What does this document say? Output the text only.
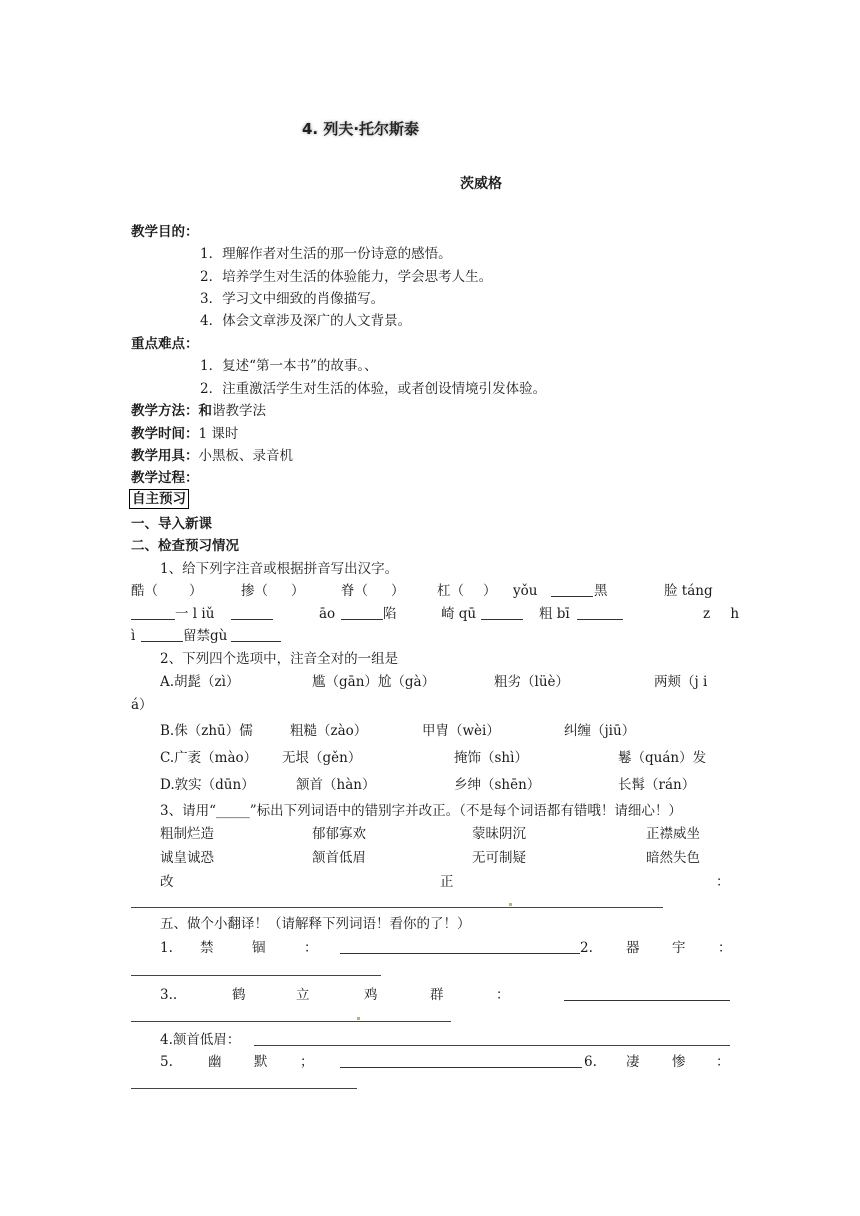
4. 列夫·托尔斯泰
茨威格
教学目的：
1．理解作者对生活的那一份诗意的感悟。
2．培养学生对生活的体验能力，学会思考人生。
3．学习文中细致的肖像描写。
4．体会文章涉及深广的人文背景。
重点难点：
1．复述“第一本书”的故事。、
2．注重激活学生对生活的体验，或者创设情境引发体验。
教学方法：和谐教学法
教学时间：1 课时
教学用具：小黑板、录音机
教学过程：
自主预习
一、导入新课
二、检查预习情况
1、给下列字注音或根据拼音写出汉字。
酷（ ）	掺（ ）	脊（ ） 杠（ ） yǒu	黑	脸 táng
一 l iǔ	āo	陷	崎 qū	粗 bī	z h
ì	留禁gù
2、下列四个选项中，注音全对的一组是
A.胡髭（zì）	尴（gān）尬（gà）	粗劣（lüè）	两颊（j i
á）
B.侏（zhū）儒	粗糙（zào）	甲胄（wèi）	纠缠（jiū）
C.广袤（mào） 无垠（gěn）	掩饰（shì）	鬈（quán）发
D.敦实（dūn）	颔首（hàn）	乡绅（shēn）	长髯（rán）
3、请用“_____”标出下列词语中的错别字并改正。（不是每个词语都有错哦！请细心！）
粗制烂造	郁郁寡欢	蒙昧阴沉	正襟威坐
诚皇诚恐	颔首低眉	无可制疑	暗然失色
改	正	：
五、做个小翻译！（请解释下列词语！看你的了！）
1. 禁	锢	：	2. 器 宇 ：
3..	鹤	立	鸡	群	：
4.颔首低眉：
5.	幽 默 ；	6. 凄 惨 ：
